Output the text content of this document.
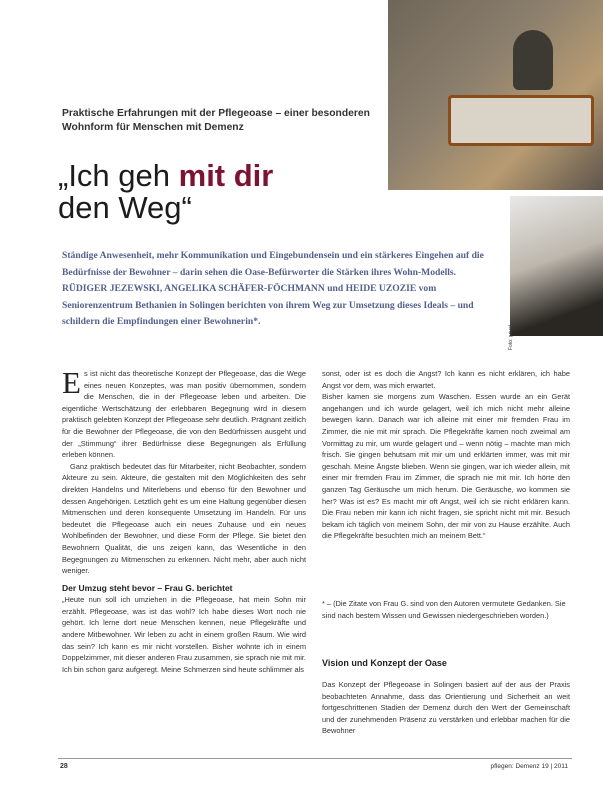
Foto: privat
Praktische Erfahrungen mit der Pflegeoase – einer besonderen Wohnform für Menschen mit Demenz
„Ich geh mit dir
den Weg“
Ständige Anwesenheit, mehr Kommunikation und Eingebundensein und ein stärkeres Eingehen auf die Bedürfnisse der Bewohner – darin sehen die Oase-Befürworter die Stärken ihres Wohn-Modells. RÜDIGER JEZEWSKI, ANGELIKA SCHÄFER-FÖCHMANN und HEIDE UZOZIE vom Seniorenzentrum Bethanien in Solingen berichten von ihrem Weg zur Umsetzung dieses Ideals – und schildern die Empfindungen einer Bewohnerin*.
E s ist nicht das theoretische Konzept der Pflegeoase, das die Wege eines neuen Konzeptes, was man positiv übernommen, sondern die Menschen, die in der Pflegeoase leben und arbeiten. Die eigentliche Wertschätzung der erlebbaren Begegnung wird in diesem praktisch gelebten Konzept der Pflegeoase sehr deutlich. Prägnant zeitlich für die Bewohner der Pflegeoase, die von den Bedürfnissen ausgeht und der „Stimmung“ ihrer Bedürfnisse diese Begegnungen als Erfüllung erleben können.

Ganz praktisch bedeutet das für Mitarbeiter, nicht Beobachter, sondern Akteure zu sein. Akteure, die gestalten mit den Möglichkeiten des sehr direkten Handelns und Miterlebens und ebenso für den Bewohner und dessen Angehörigen. Letztlich geht es um eine Haltung gegenüber diesen Mitmenschen und deren konsequente Umsetzung im Handeln. Für uns bedeutet die Pflegeoase auch ein neues Zuhause und ein neues Wohlbefinden der Bewohner, und diese Form der Pflege. Sie bietet den Bewohnern Qualität, die uns zeigen kann, das Wesentliche in den Begegnungen zu Mitmenschen zu erkennen. Nicht mehr, aber auch nicht weniger.

Der Umzug steht bevor – Frau G. berichtet

„Heute nun soll ich umziehen in die Pflegeoase, hat mein Sohn mir erzählt. Pflegeoase, was ist das wohl? Ich habe dieses Wort noch nie gehört. Ich lerne dort neue Menschen kennen, neue Pflegekräfte und andere Mitbewohner. Wir leben zu acht in einem großen Raum. Wie wird das sein? Ich kann es mir nicht vorstellen. Bisher wohnte ich in einem Doppelzimmer, mit dieser anderen Frau zusammen, sie sprach nie mit mir. Ich bin schon ganz aufgeregt. Meine Schmerzen sind heute schlimmer als

sonst, oder ist es doch die Angst? Ich kann es nicht erklären, ich habe Angst vor dem, was mich erwartet.

Bisher kamen sie morgens zum Waschen. Essen wurde an ein Gerät angehangen und ich wurde gelagert, weil ich mich nicht mehr alleine bewegen kann. Danach war ich alleine mit einer mir fremden Frau im Zimmer, die nie mit mir sprach. Die Pflegekräfte kamen noch zweimal am Vormittag zu mir, um wurde gelagert und – wenn nötig – machte man mich frisch. Sie gingen behutsam mit mir um und erklärten immer, was mit mir geschah. Meine Ängste blieben. Wenn sie gingen, war ich wieder allein, mit einer mir fremden Frau im Zimmer, die sprach nie mit mir. Ich hörte den ganzen Tag Geräusche um mich herum. Die Geräusche, wo kommen sie her? Was ist es? Es macht mir oft Angst, weil ich sie nicht erklären kann. Die Frau neben mir kann ich nicht fragen, sie spricht nicht mit mir. Besuch bekam ich täglich von meinem Sohn, der mir von zu Hause erzählte. Auch die Pflegekräfte besuchten mich an meinem Bett.“

* – (Die Zitate von Frau G. sind von den Autoren vermutete Gedanken. Sie sind nach bestem Wissen und Gewissen niedergeschrieben worden.)
Vision und Konzept der Oase
Das Konzept der Pflegeoase in Solingen basiert auf der aus der Praxis beobachteten Annahme, dass das Orientierung und Sicherheit an weit fortgeschrittenen Stadien der Demenz durch den Wert der Gemeinschaft und der zunehmenden Präsenz zu verstärken und erlebbar machen für die Bewohner
28	pflegen: Demenz 19 | 2011
